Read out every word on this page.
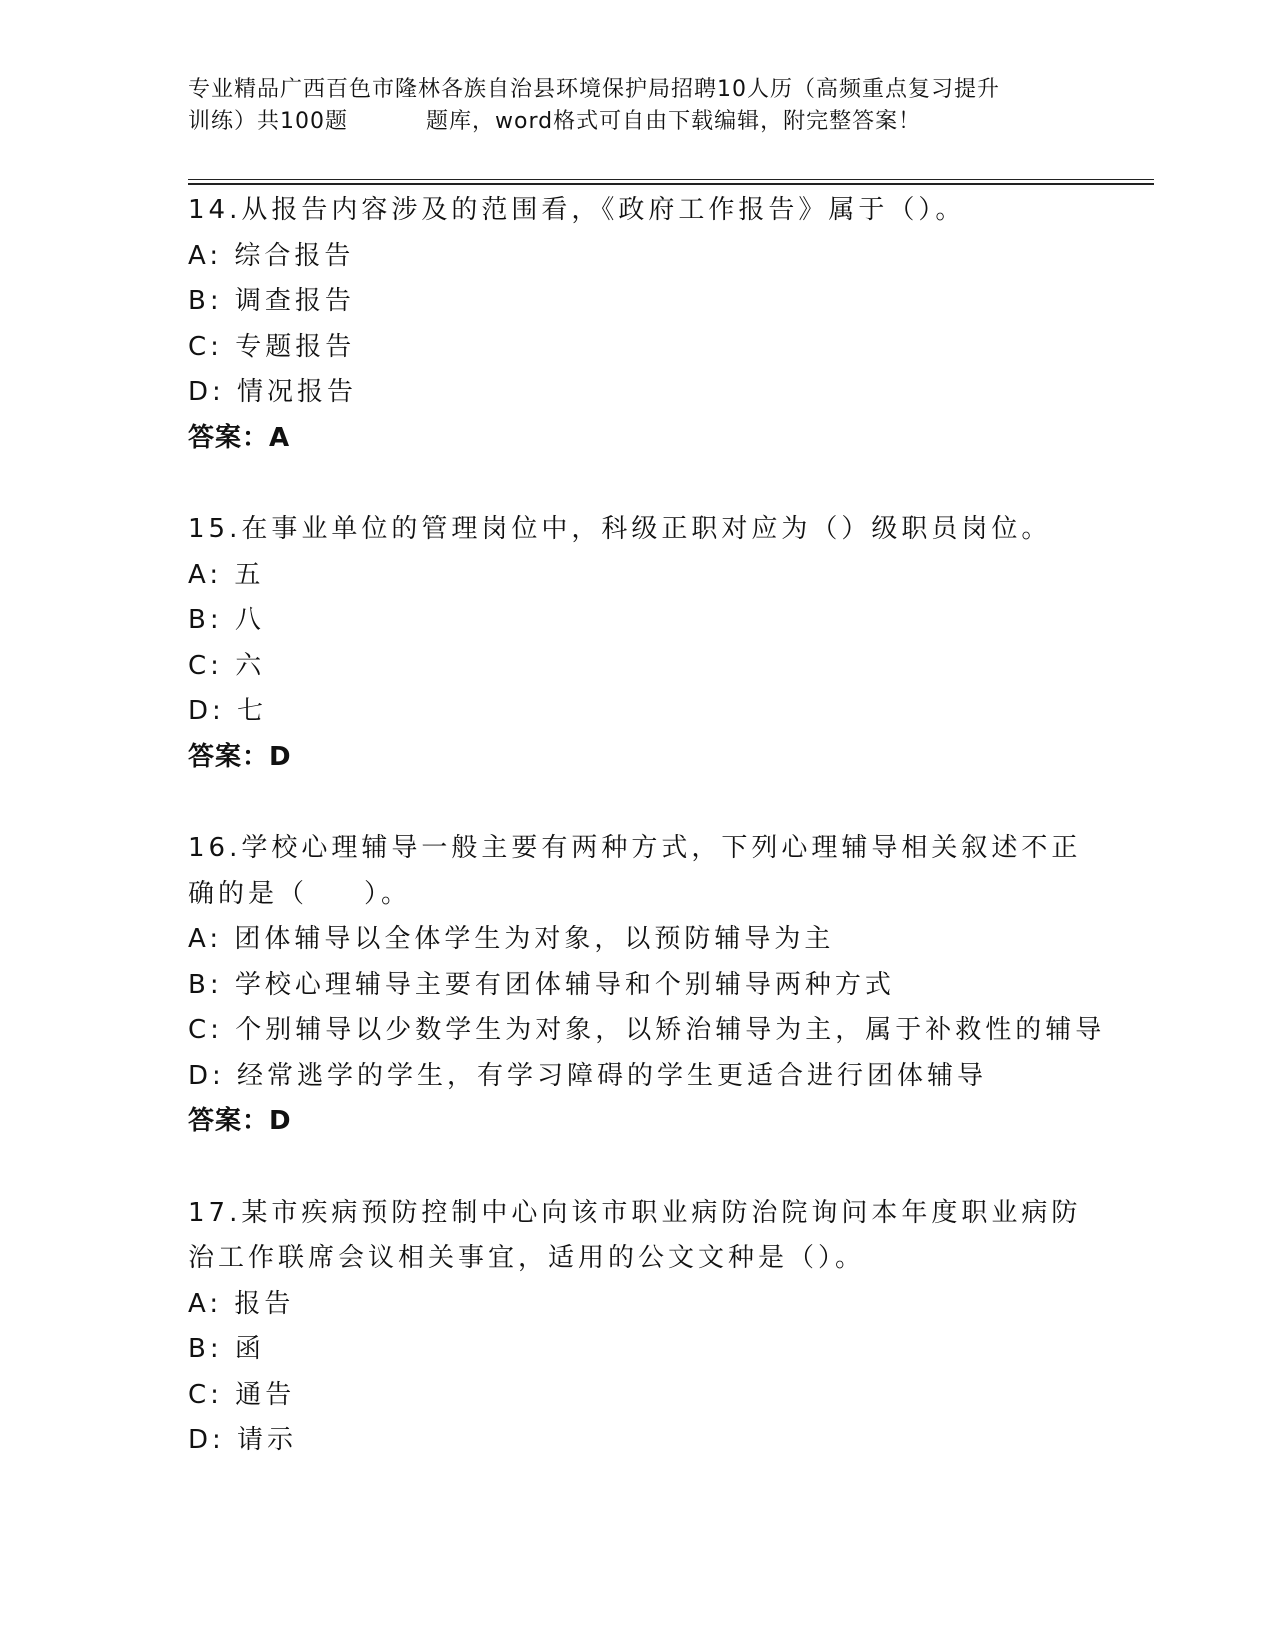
专业精品广西百色市隆林各族自治县环境保护局招聘10人历（高频重点复习提升
训练）共100题	题库，word格式可自由下载编辑，附完整答案！
14.从报告内容涉及的范围看，《政府工作报告》属于（）。
A: 综合报告
B: 调查报告
C: 专题报告
D: 情况报告
答案：A
15.在事业单位的管理岗位中，科级正职对应为（）级职员岗位。
A: 五
B: 八
C: 六
D: 七
答案：D
16.学校心理辅导一般主要有两种方式，下列心理辅导相关叙述不正确的是（ ）。
A: 团体辅导以全体学生为对象，以预防辅导为主
B: 学校心理辅导主要有团体辅导和个别辅导两种方式
C: 个别辅导以少数学生为对象，以矫治辅导为主，属于补救性的辅导
D: 经常逃学的学生，有学习障碍的学生更适合进行团体辅导
答案：D
17.某市疾病预防控制中心向该市职业病防治院询问本年度职业病防治工作联席会议相关事宜，适用的公文文种是（）。
A: 报告
B: 函
C: 通告
D: 请示
